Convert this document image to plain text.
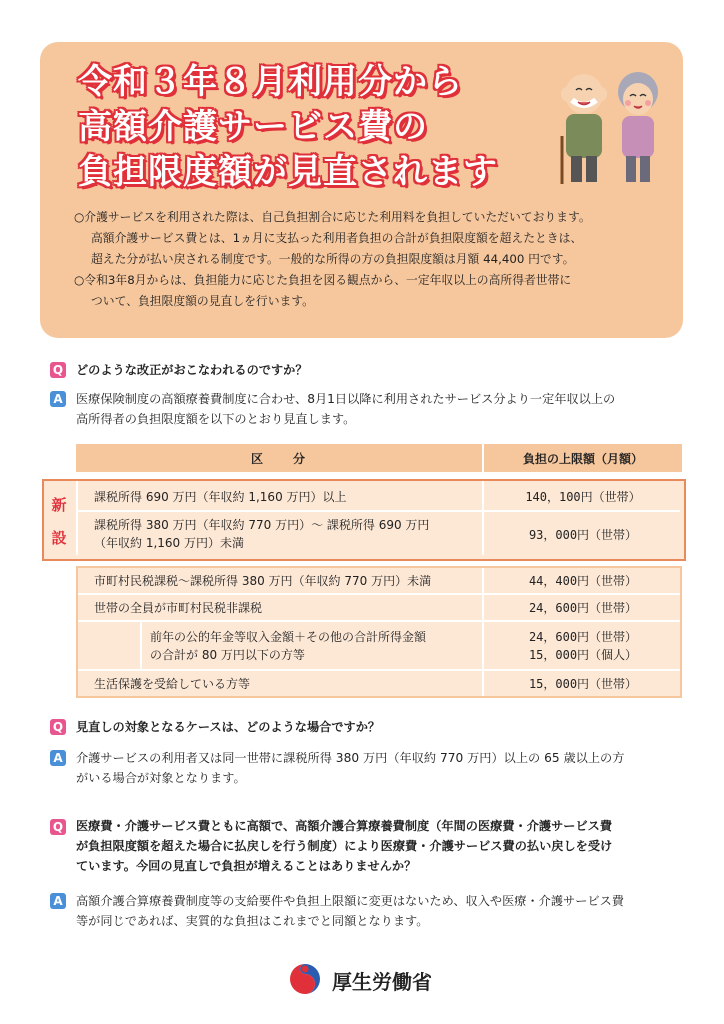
令和３年８月利用分から
高額介護サービス費の
負担限度額が見直されます

○介護サービスを利用された際は、自己負担割合に応じた利用料を負担していただいております。

高額介護サービス費とは、1ヵ月に支払った利用者負担の合計が負担限度額を超えたときは、

超えた分が払い戻される制度です。一般的な所得の方の負担限度額は月額 44,400 円です。

○令和3年8月からは、負担能力に応じた負担を図る観点から、一定年収以上の高所得者世帯に

ついて、負担限度額の見直しを行います。

Q どのような改正がおこなわれるのですか？
A 医療保険制度の高額療養費制度に合わせ、8月1日以降に利用されたサービス分より一定年収以上の
高所得者の負担限度額を以下のとおり見直します。
区　　分	負担の上限額（月額）
新
設
課税所得 690 万円（年収約 1,160 万円）以上	140，100円（世帯）
課税所得 380 万円（年収約 770 万円）～ 課税所得 690 万円
（年収約 1,160 万円）未満
93，000円（世帯）
市町村民税課税～課税所得 380 万円（年収約 770 万円）未満	44，400円（世帯）
世帯の全員が市町村民税非課税	24，600円（世帯）
前年の公的年金等収入金額＋その他の合計所得金額
の合計が 80 万円以下の方等
24，600円（世帯）
15，000円（個人）
生活保護を受給している方等	15，000円（世帯）
Q 見直しの対象となるケースは、どのような場合ですか？
A 介護サービスの利用者又は同一世帯に課税所得 380 万円（年収約 770 万円）以上の 65 歳以上の方
がいる場合が対象となります。
Q 医療費・介護サービス費ともに高額で、高額介護合算療養費制度（年間の医療費・介護サービス費
が負担限度額を超えた場合に払戻しを行う制度）により医療費・介護サービス費の払い戻しを受け
ています。今回の見直しで負担が増えることはありませんか？
A 高額介護合算療養費制度等の支給要件や負担上限額に変更はないため、収入や医療・介護サービス費
等が同じであれば、実質的な負担はこれまでと同額となります。
厚生労働省
